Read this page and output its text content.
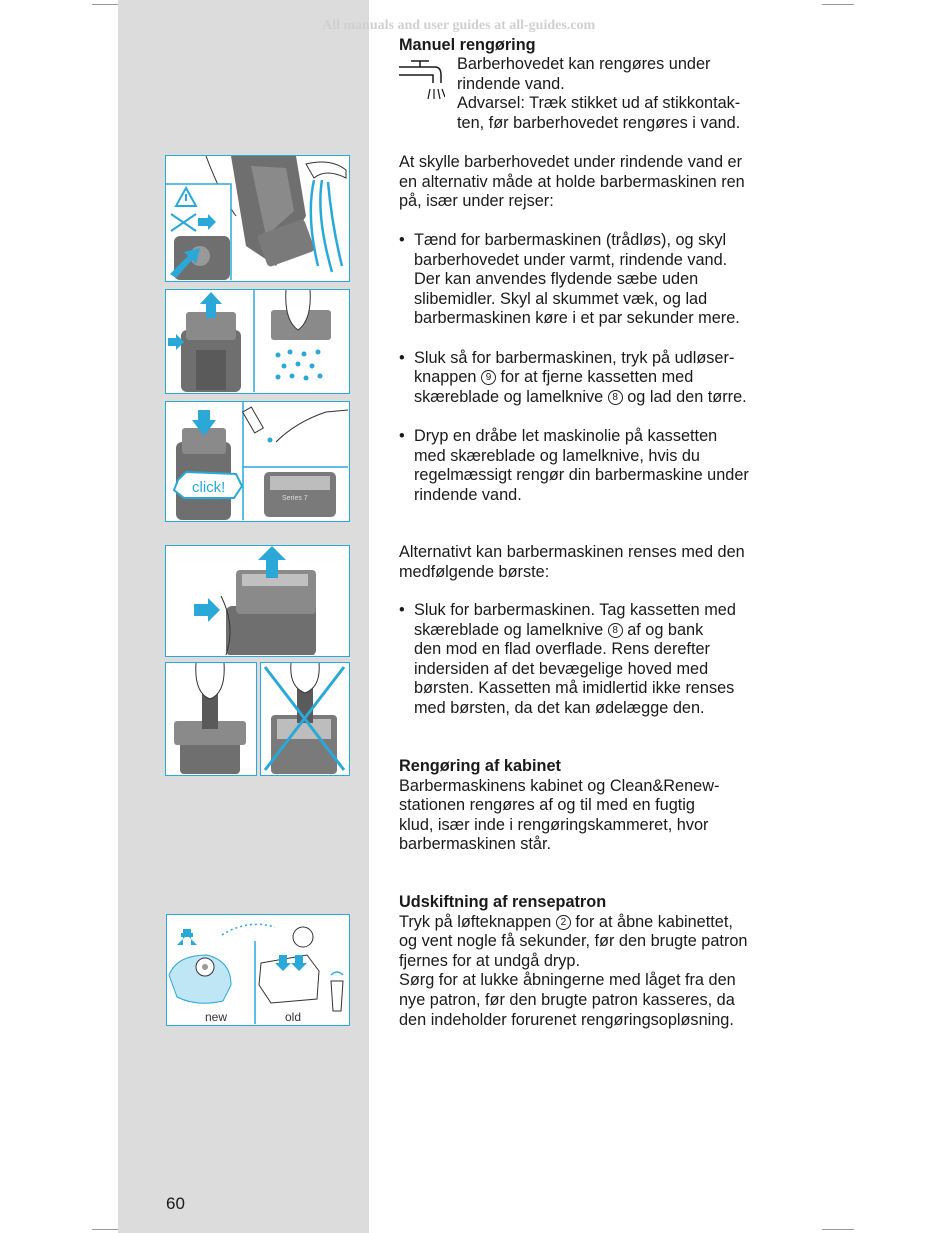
All manuals and user guides at all-guides.com
click!
Series 7
new	old
Manuel rengøring

Barberhovedet kan rengøres under

rindende vand.

Advarsel: Træk stikket ud af stikkontak-

ten, før barberhovedet rengøres i vand.

At skylle barberhovedet under rindende vand er

en alternativ måde at holde barbermaskinen ren

på, især under rejser:

• Tænd for barbermaskinen (trådløs), og skyl

barberhovedet under varmt, rindende vand.

Der kan anvendes flydende sæbe uden

slibemidler. Skyl al skummet væk, og lad

barbermaskinen køre i et par sekunder mere.

• Sluk så for barbermaskinen, tryk på udløser-

knappen 9 for at fjerne kassetten med

skæreblade og lamelknive 8 og lad den tørre.

• Dryp en dråbe let maskinolie på kassetten

med skæreblade og lamelknive, hvis du

regelmæssigt rengør din barbermaskine under

rindende vand.

Alternativt kan barbermaskinen renses med den

medfølgende børste:

• Sluk for barbermaskinen. Tag kassetten med

skæreblade og lamelknive 8 af og bank

den mod en flad overflade. Rens derefter

indersiden af det bevægelige hoved med

børsten. Kassetten må imidlertid ikke renses

med børsten, da det kan ødelægge den.

Rengøring af kabinet

Barbermaskinens kabinet og Clean&Renew-

stationen rengøres af og til med en fugtig

klud, især inde i rengøringskammeret, hvor

barbermaskinen står.

Udskiftning af rensepatron

Tryk på løfteknappen 2 for at åbne kabinettet,

og vent nogle få sekunder, før den brugte patron

fjernes for at undgå dryp.

Sørg for at lukke åbningerne med låget fra den

nye patron, før den brugte patron kasseres, da

den indeholder forurenet rengøringsopløsning.

60
